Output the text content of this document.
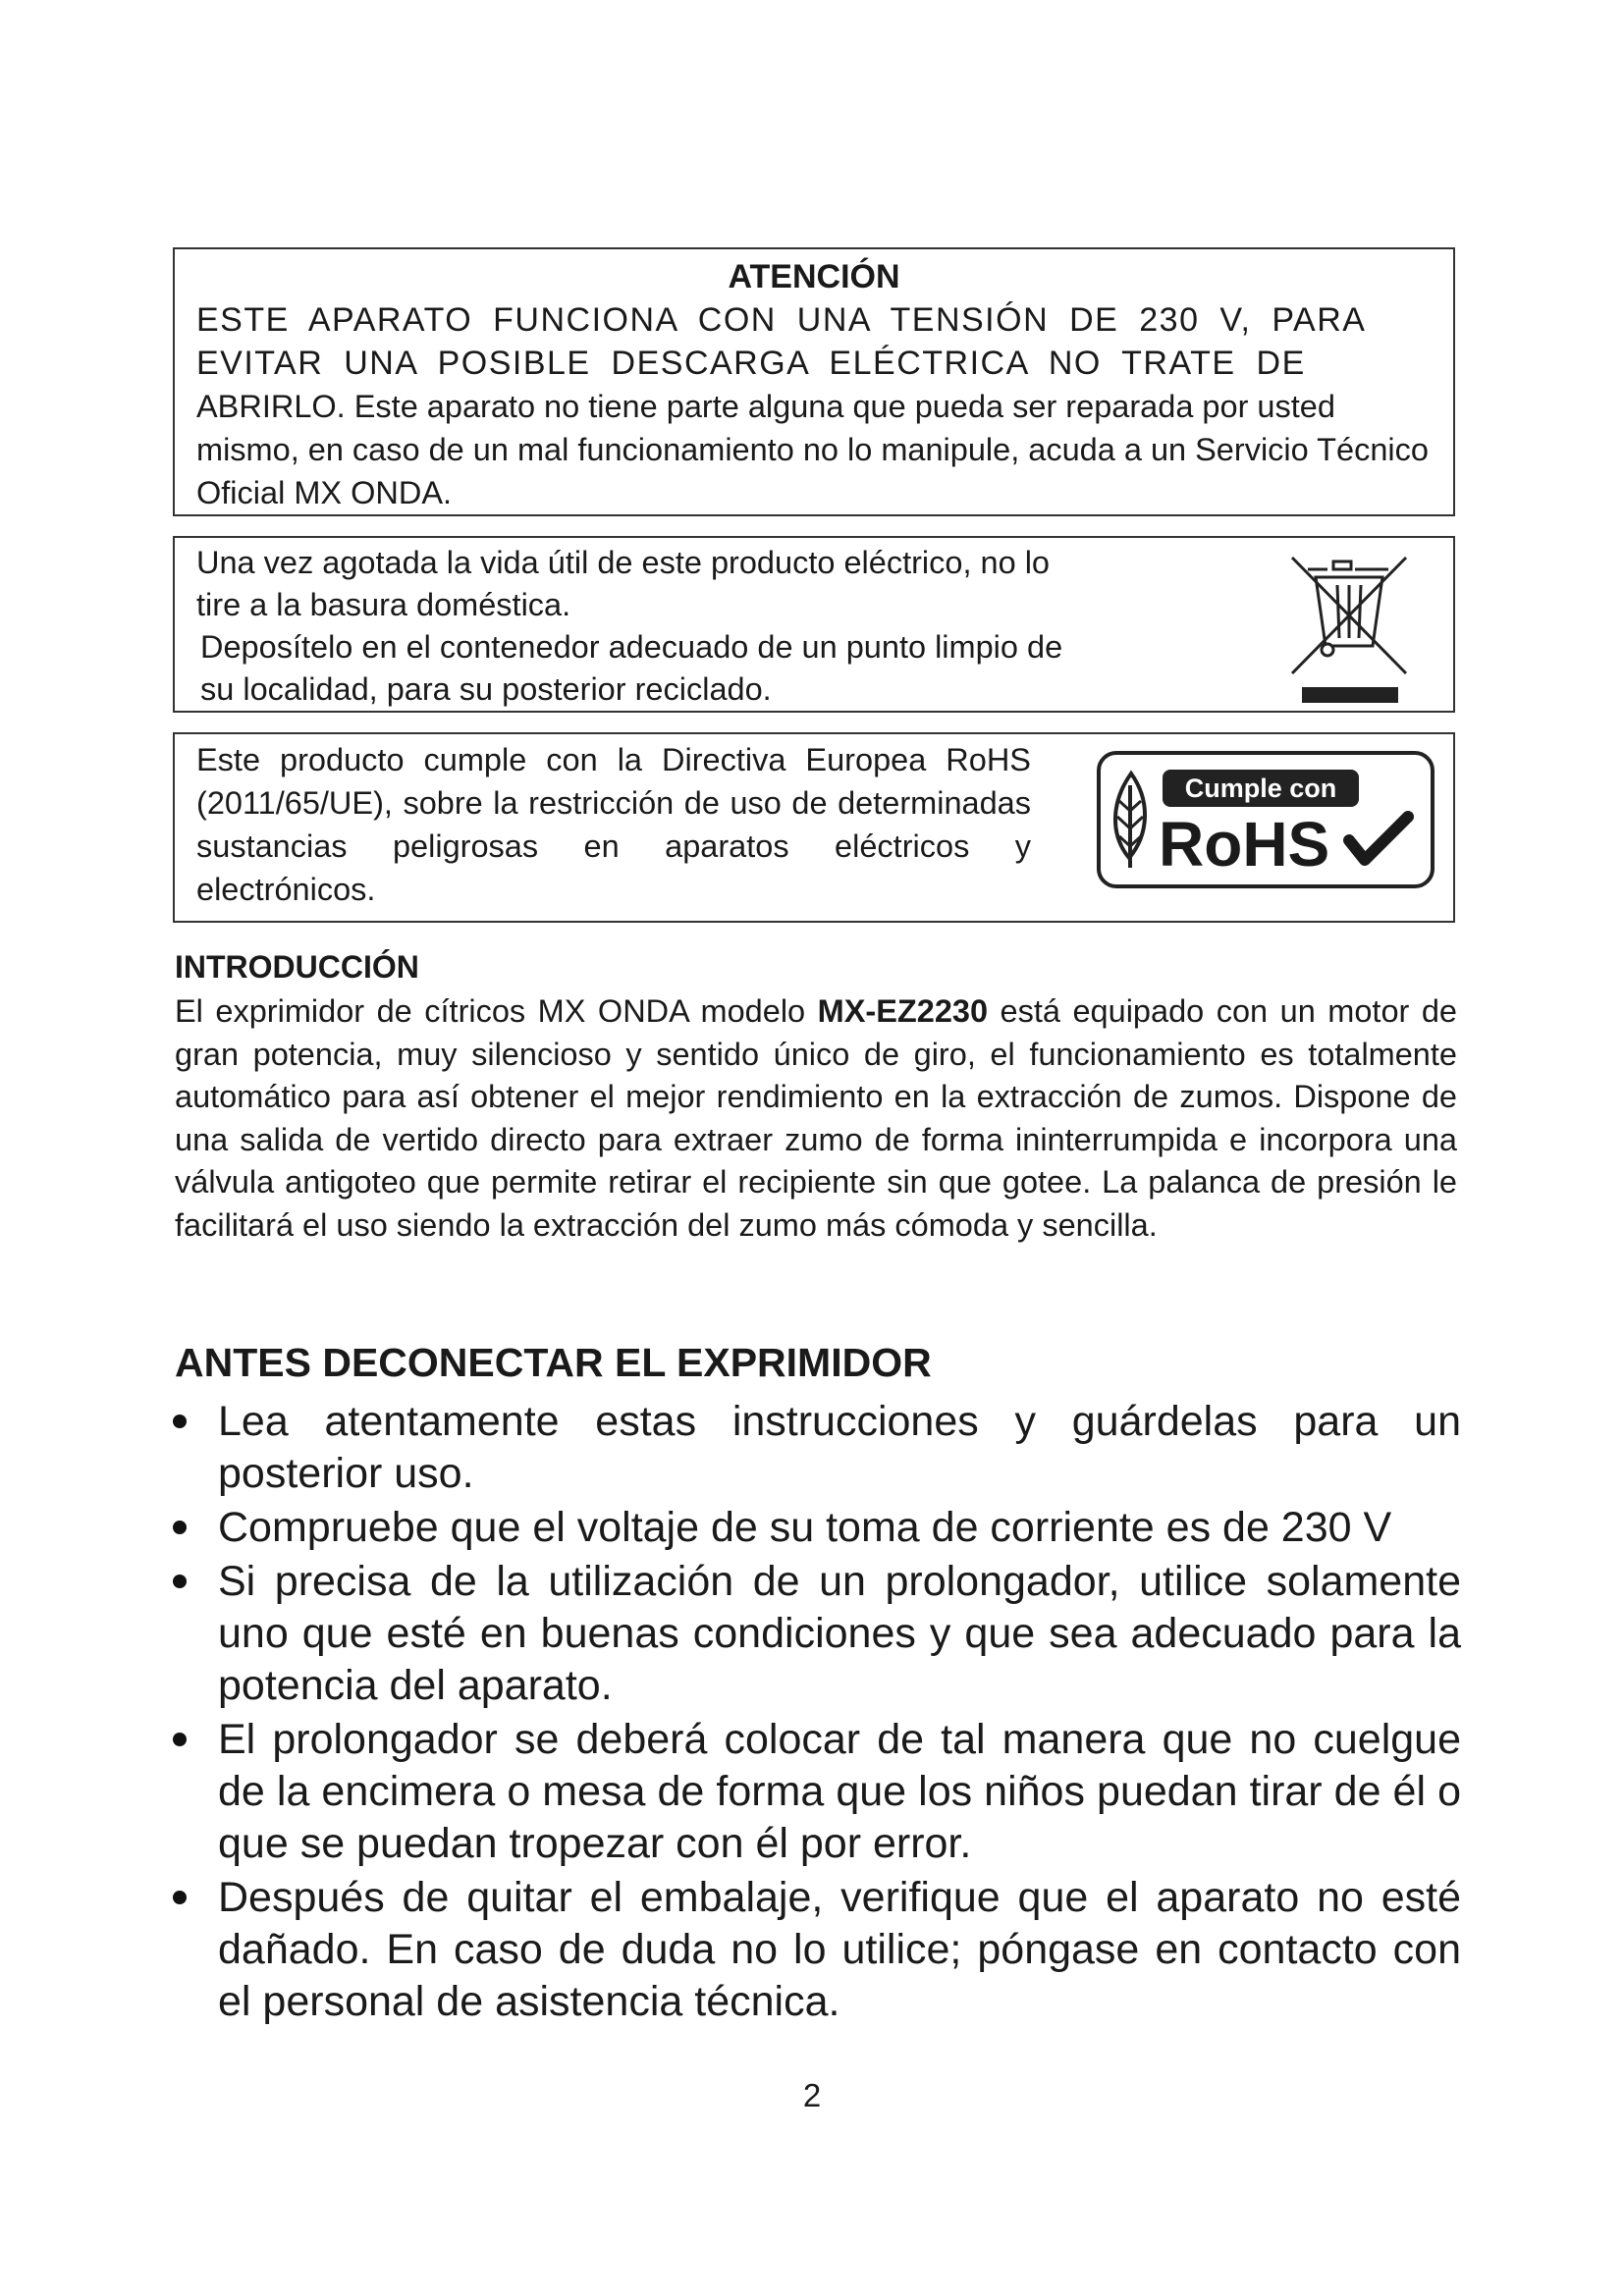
ATENCIÓN
ESTE APARATO FUNCIONA CON UNA TENSIÓN DE 230 V, PARA
EVITAR UNA POSIBLE DESCARGA ELÉCTRICA NO TRATE DE
ABRIRLO. Este aparato no tiene parte alguna que pueda ser reparada por usted mismo, en caso de un mal funcionamiento no lo manipule, acuda a un Servicio Técnico Oficial MX ONDA.
Una vez agotada la vida útil de este producto eléctrico, no lo
tire a la basura doméstica.
Deposítelo en el contenedor adecuado de un punto limpio de
su localidad, para su posterior reciclado.
Este producto cumple con la Directiva Europea RoHS (2011/65/UE), sobre la restricción de uso de determinadas sustancias peligrosas en aparatos eléctricos y electrónicos.
Cumple con
RoHS
INTRODUCCIÓN

El exprimidor de cítricos MX ONDA modelo MX-EZ2230 está equipado con un motor de gran potencia, muy silencioso y sentido único de giro, el funcionamiento es totalmente automático para así obtener el mejor rendimiento en la extracción de zumos. Dispone de una salida de vertido directo para extraer zumo de forma ininterrumpida e incorpora una válvula antigoteo que permite retirar el recipiente sin que gotee. La palanca de presión le facilitará el uso siendo la extracción del zumo más cómoda y sencilla.

ANTES DECONECTAR EL EXPRIMIDOR
Lea atentamente estas instrucciones y guárdelas para un posterior uso.
Compruebe que el voltaje de su toma de corriente es de 230 V
Si precisa de la utilización de un prolongador, utilice solamente uno que esté en buenas condiciones y que sea adecuado para la potencia del aparato.
El prolongador se deberá colocar de tal manera que no cuelgue de la encimera o mesa de forma que los niños puedan tirar de él o que se puedan tropezar con él por error.
Después de quitar el embalaje, verifique que el aparato no esté dañado. En caso de duda no lo utilice; póngase en contacto con el personal de asistencia técnica.
2
